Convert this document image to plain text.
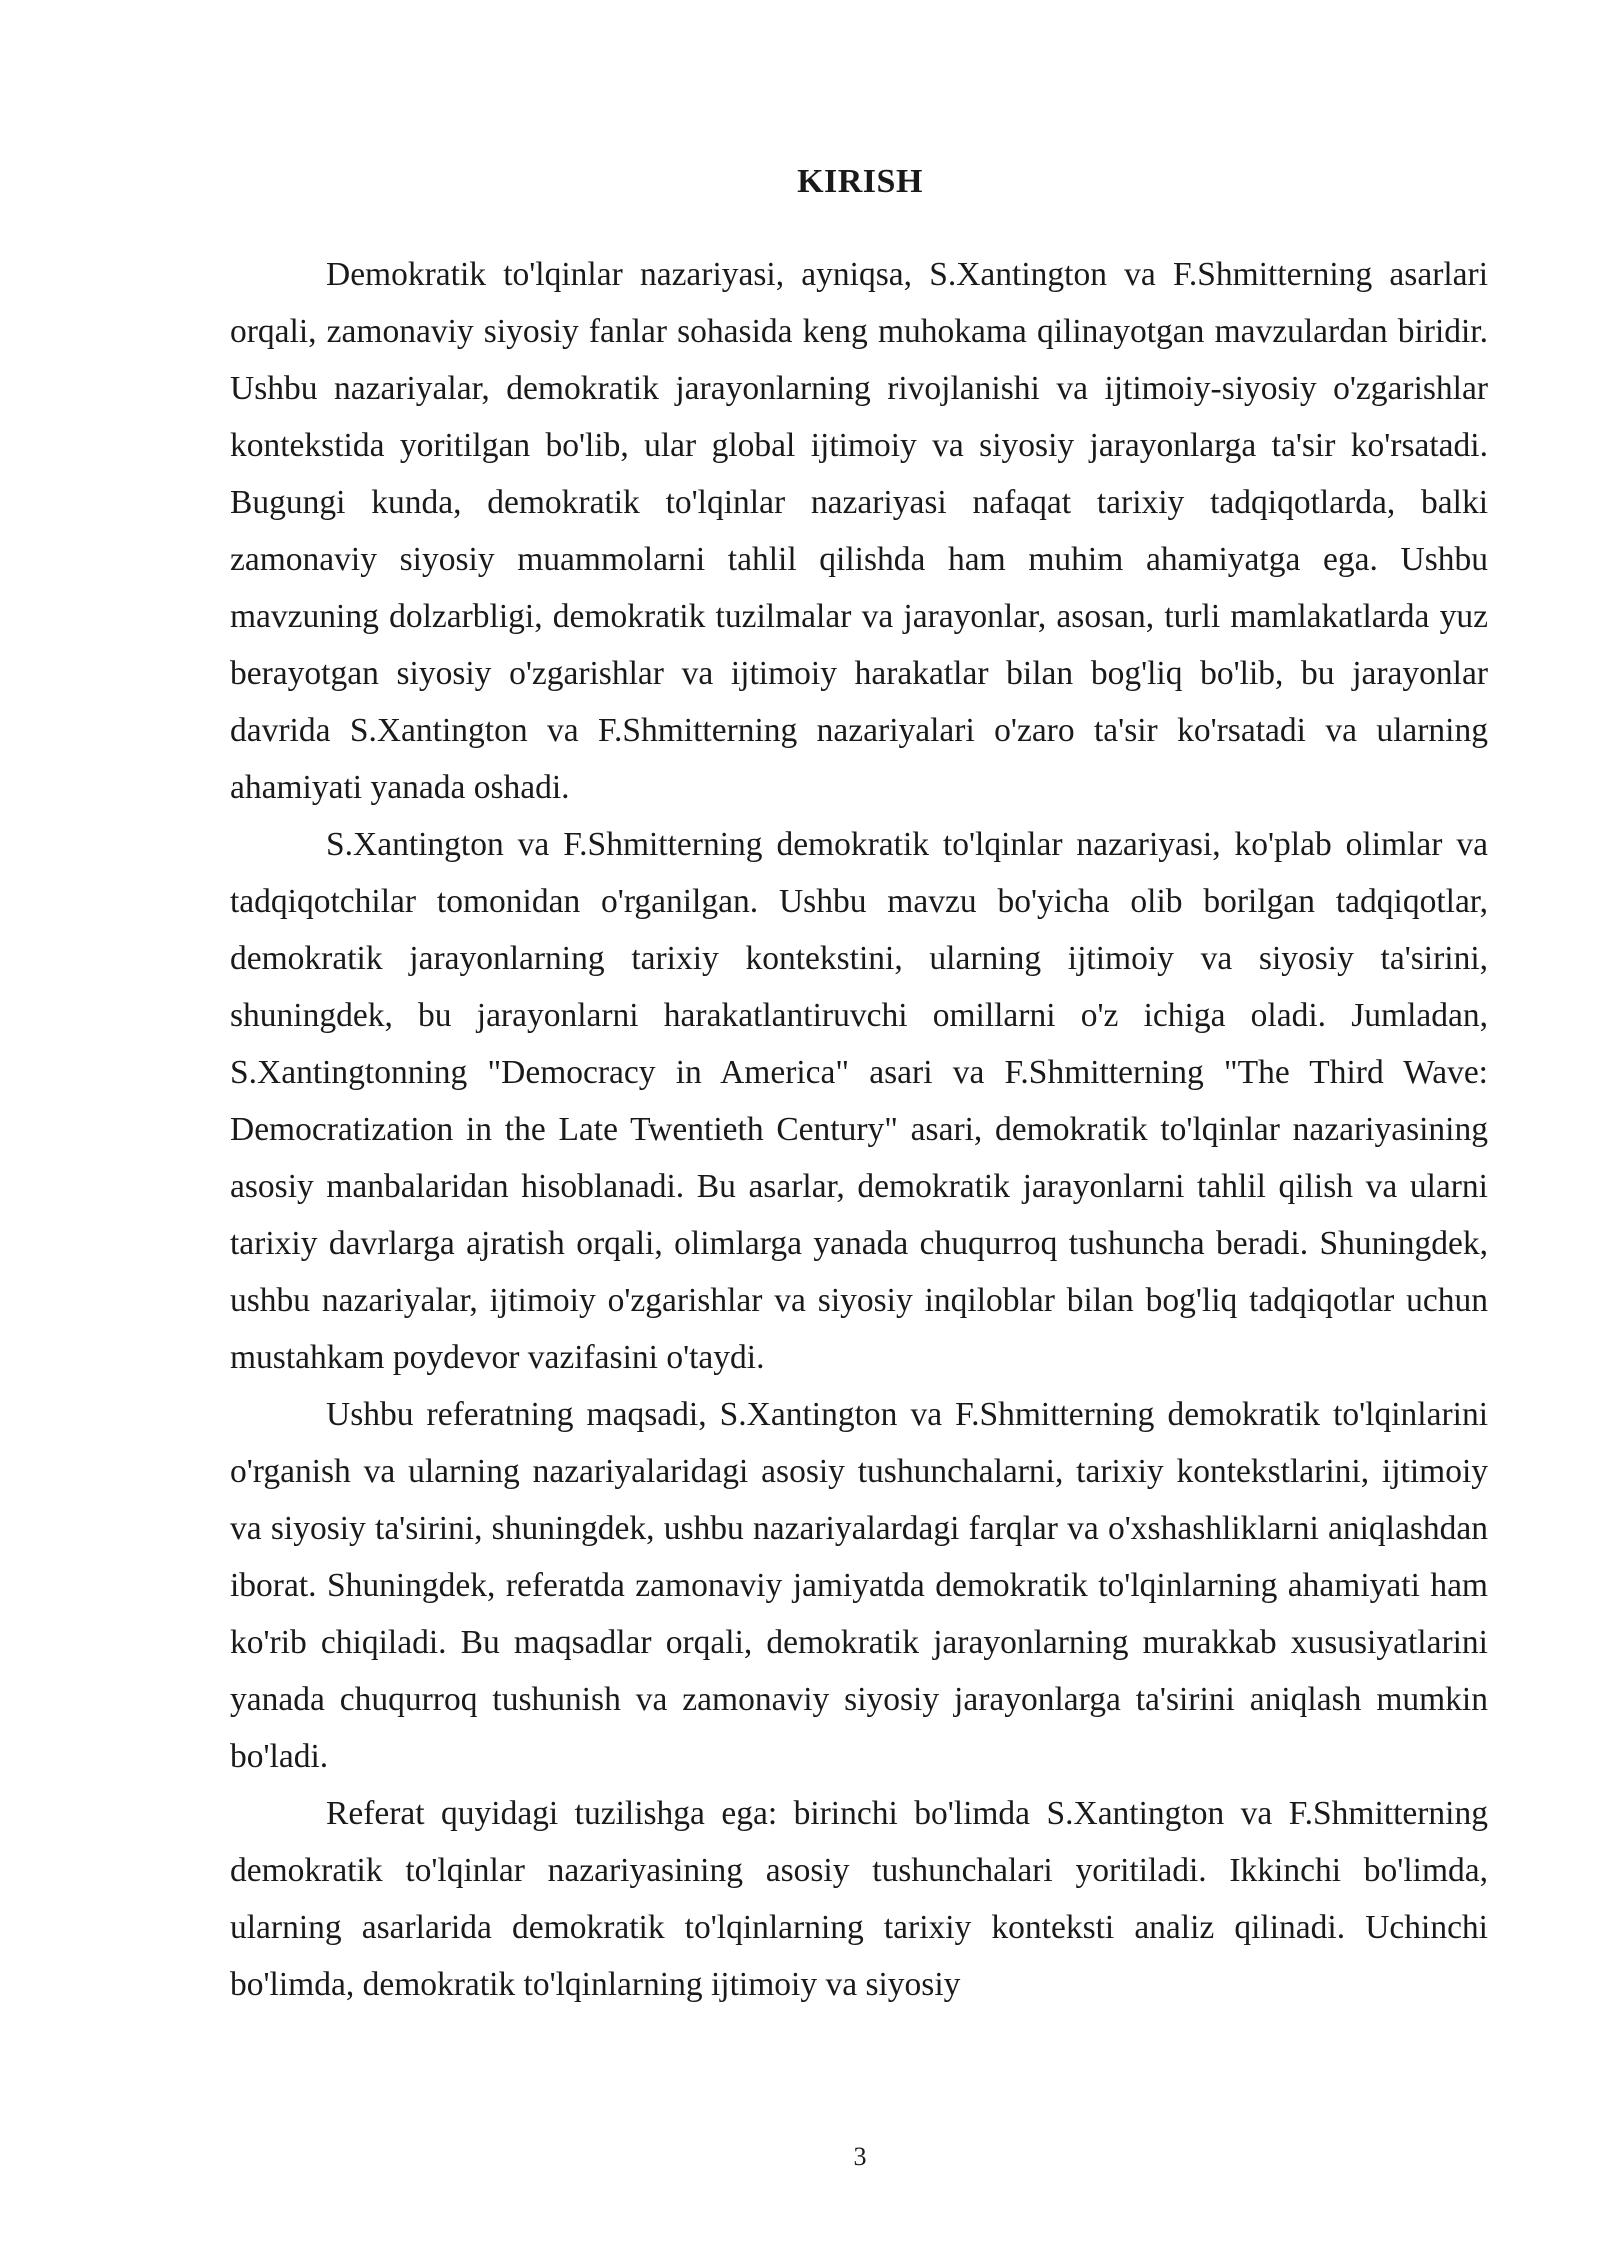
KIRISH

Demokratik to'lqinlar nazariyasi, ayniqsa, S.Xantington va F.Shmitterning asarlari orqali, zamonaviy siyosiy fanlar sohasida keng muhokama qilinayotgan mavzulardan biridir. Ushbu nazariyalar, demokratik jarayonlarning rivojlanishi va ijtimoiy-siyosiy o'zgarishlar kontekstida yoritilgan bo'lib, ular global ijtimoiy va siyosiy jarayonlarga ta'sir ko'rsatadi. Bugungi kunda, demokratik to'lqinlar nazariyasi nafaqat tarixiy tadqiqotlarda, balki zamonaviy siyosiy muammolarni tahlil qilishda ham muhim ahamiyatga ega. Ushbu mavzuning dolzarbligi, demokratik tuzilmalar va jarayonlar, asosan, turli mamlakatlarda yuz berayotgan siyosiy o'zgarishlar va ijtimoiy harakatlar bilan bog'liq bo'lib, bu jarayonlar davrida S.Xantington va F.Shmitterning nazariyalari o'zaro ta'sir ko'rsatadi va ularning ahamiyati yanada oshadi.

S.Xantington va F.Shmitterning demokratik to'lqinlar nazariyasi, ko'plab olimlar va tadqiqotchilar tomonidan o'rganilgan. Ushbu mavzu bo'yicha olib borilgan tadqiqotlar, demokratik jarayonlarning tarixiy kontekstini, ularning ijtimoiy va siyosiy ta'sirini, shuningdek, bu jarayonlarni harakatlantiruvchi omillarni o'z ichiga oladi. Jumladan, S.Xantingtonning "Democracy in America" asari va F.Shmitterning "The Third Wave: Democratization in the Late Twentieth Century" asari, demokratik to'lqinlar nazariyasining asosiy manbalaridan hisoblanadi. Bu asarlar, demokratik jarayonlarni tahlil qilish va ularni tarixiy davrlarga ajratish orqali, olimlarga yanada chuqurroq tushuncha beradi. Shuningdek, ushbu nazariyalar, ijtimoiy o'zgarishlar va siyosiy inqiloblar bilan bog'liq tadqiqotlar uchun mustahkam poydevor vazifasini o'taydi.

Ushbu referatning maqsadi, S.Xantington va F.Shmitterning demokratik to'lqinlarini o'rganish va ularning nazariyalaridagi asosiy tushunchalarni, tarixiy kontekstlarini, ijtimoiy va siyosiy ta'sirini, shuningdek, ushbu nazariyalardagi farqlar va o'xshashliklarni aniqlashdan iborat. Shuningdek, referatda zamonaviy jamiyatda demokratik to'lqinlarning ahamiyati ham ko'rib chiqiladi. Bu maqsadlar orqali, demokratik jarayonlarning murakkab xususiyatlarini yanada chuqurroq tushunish va zamonaviy siyosiy jarayonlarga ta'sirini aniqlash mumkin bo'ladi.

Referat quyidagi tuzilishga ega: birinchi bo'limda S.Xantington va F.Shmitterning demokratik to'lqinlar nazariyasining asosiy tushunchalari yoritiladi. Ikkinchi bo'limda, ularning asarlarida demokratik to'lqinlarning tarixiy konteksti analiz qilinadi. Uchinchi bo'limda, demokratik to'lqinlarning ijtimoiy va siyosiy

3
